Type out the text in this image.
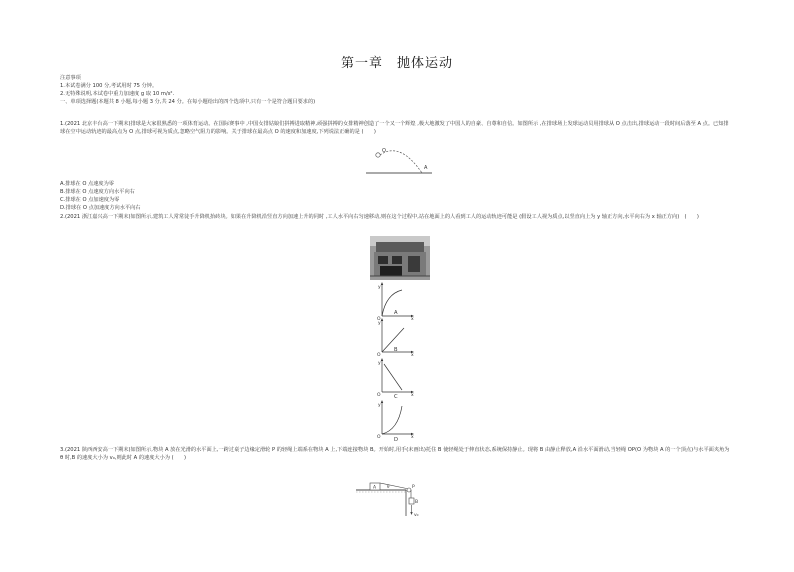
第一章　抛体运动
注意事项
1.本试卷满分 100 分,考试用时 75 分钟。
2.无特殊说明,本试卷中重力加速度 g 取 10 m/s².
一、单项选择题(本题共 8 小题,每小题 3 分,共 24 分。在每小题给出的四个选项中,只有一个是符合题目要求的)
1.(2021 北京丰台高一下期末)排球是大家很熟悉的一项体育运动。在国际赛事中 ,中国女排姑娘们拼搏进取精神,顽强拼搏的女排精神创造了一个又一个辉煌 ,极大地激发了中国人的自豪、自尊和自信。如图所示 ,在排球场上发球运动员用排球从 O 点击出,排球运动一段时间后落至 A 点。已知排球在空中运动轨迹的最高点为 O 点,排球可视为质点,忽略空气阻力的影响。关于排球在最高点 O 的速度和加速度,下列说法正确的是 (　　)
O
A
A.排球在 O 点速度为零
B.排球在 O 点速度方向水平向右
C.排球在 O 点加速度为零
D.排球在 O 点加速度方向水平向右
2.(2021 浙江嘉兴高一下期末)如图所示,建筑工人常常徒手升降机抬砖块。如果在升降机沿竖直方向加速上升的同时 ,工人水平向右匀速移动,则在这个过程中,站在地面上的人看到工人的运动轨迹可能是 (假设工人视为质点,以竖直向上为 y 轴正方向,水平向右为 x 轴正方向)　(　　)
y
O	x
A
y
O	x
B
y
O	x
C
y
O	x
D
3.(2021 陕西西安高一下期末)如图所示,物块 A 放在光滑的水平面上,一跨过桌子边缘定滑轮 P 的轻绳上端系在物块 A 上,下端连接物块 B。开始时,用手(未画出)托住 B 使轻绳处于伸直状态,系统保持静止。现将 B 由静止释放,A 沿水平面滑动,当轻绳 OP(O 为物块 A 的一个顶点)与水平面夹角为 θ 时,B 的速度大小为 v₀,则此时 A 的速度大小为 (　　)
A	P
θ
B
v₀
